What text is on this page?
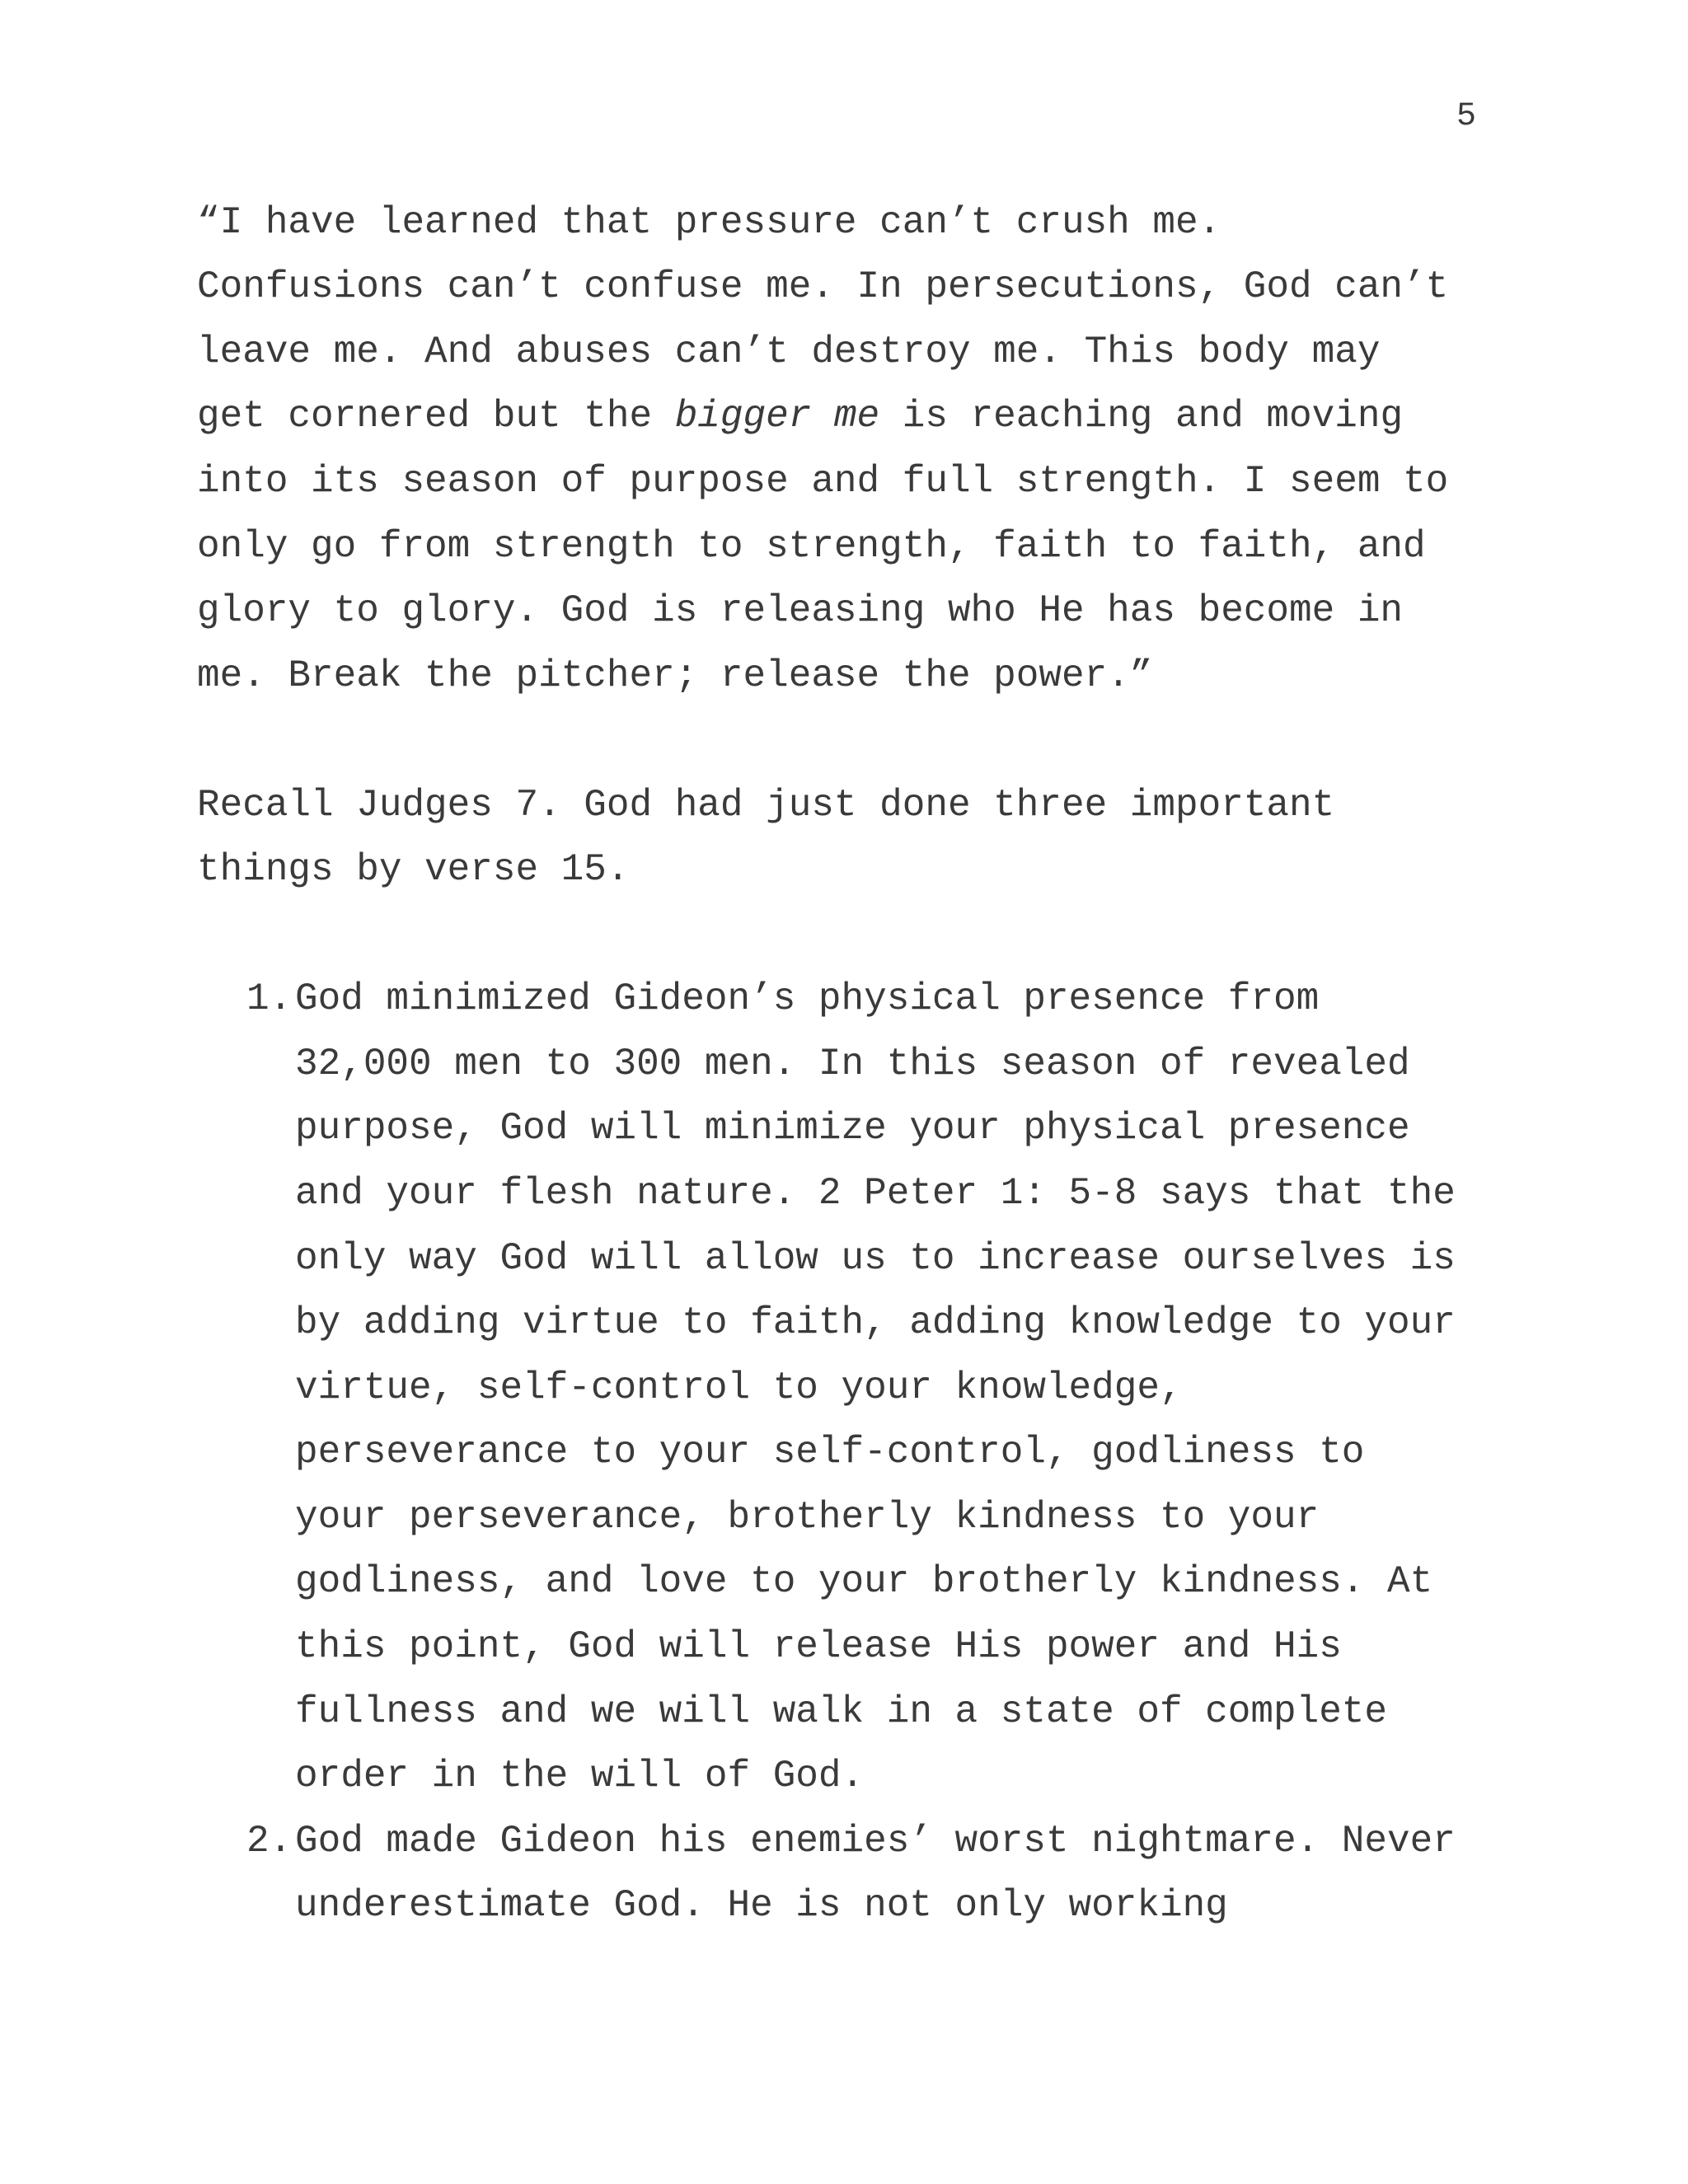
5

“I have learned that pressure can’t crush me.

Confusions can’t confuse me. In persecutions, God can’t

leave me. And abuses can’t destroy me. This body may

get cornered but the bigger me is reaching and moving

into its season of purpose and full strength. I seem to

only go from strength to strength, faith to faith, and

glory to glory. God is releasing who He has become in

me. Break the pitcher; release the power.”

Recall Judges 7. God had just done three important

things by verse 15.

1. God minimized Gideon’s physical presence from

32,000 men to 300 men. In this season of revealed

purpose, God will minimize your physical presence

and your flesh nature. 2 Peter 1: 5-8 says that the

only way God will allow us to increase ourselves is

by adding virtue to faith, adding knowledge to your

virtue, self-control to your knowledge,

perseverance to your self-control, godliness to

your perseverance, brotherly kindness to your

godliness, and love to your brotherly kindness. At

this point, God will release His power and His

fullness and we will walk in a state of complete

order in the will of God.

2. God made Gideon his enemies’ worst nightmare. Never

underestimate God. He is not only working
